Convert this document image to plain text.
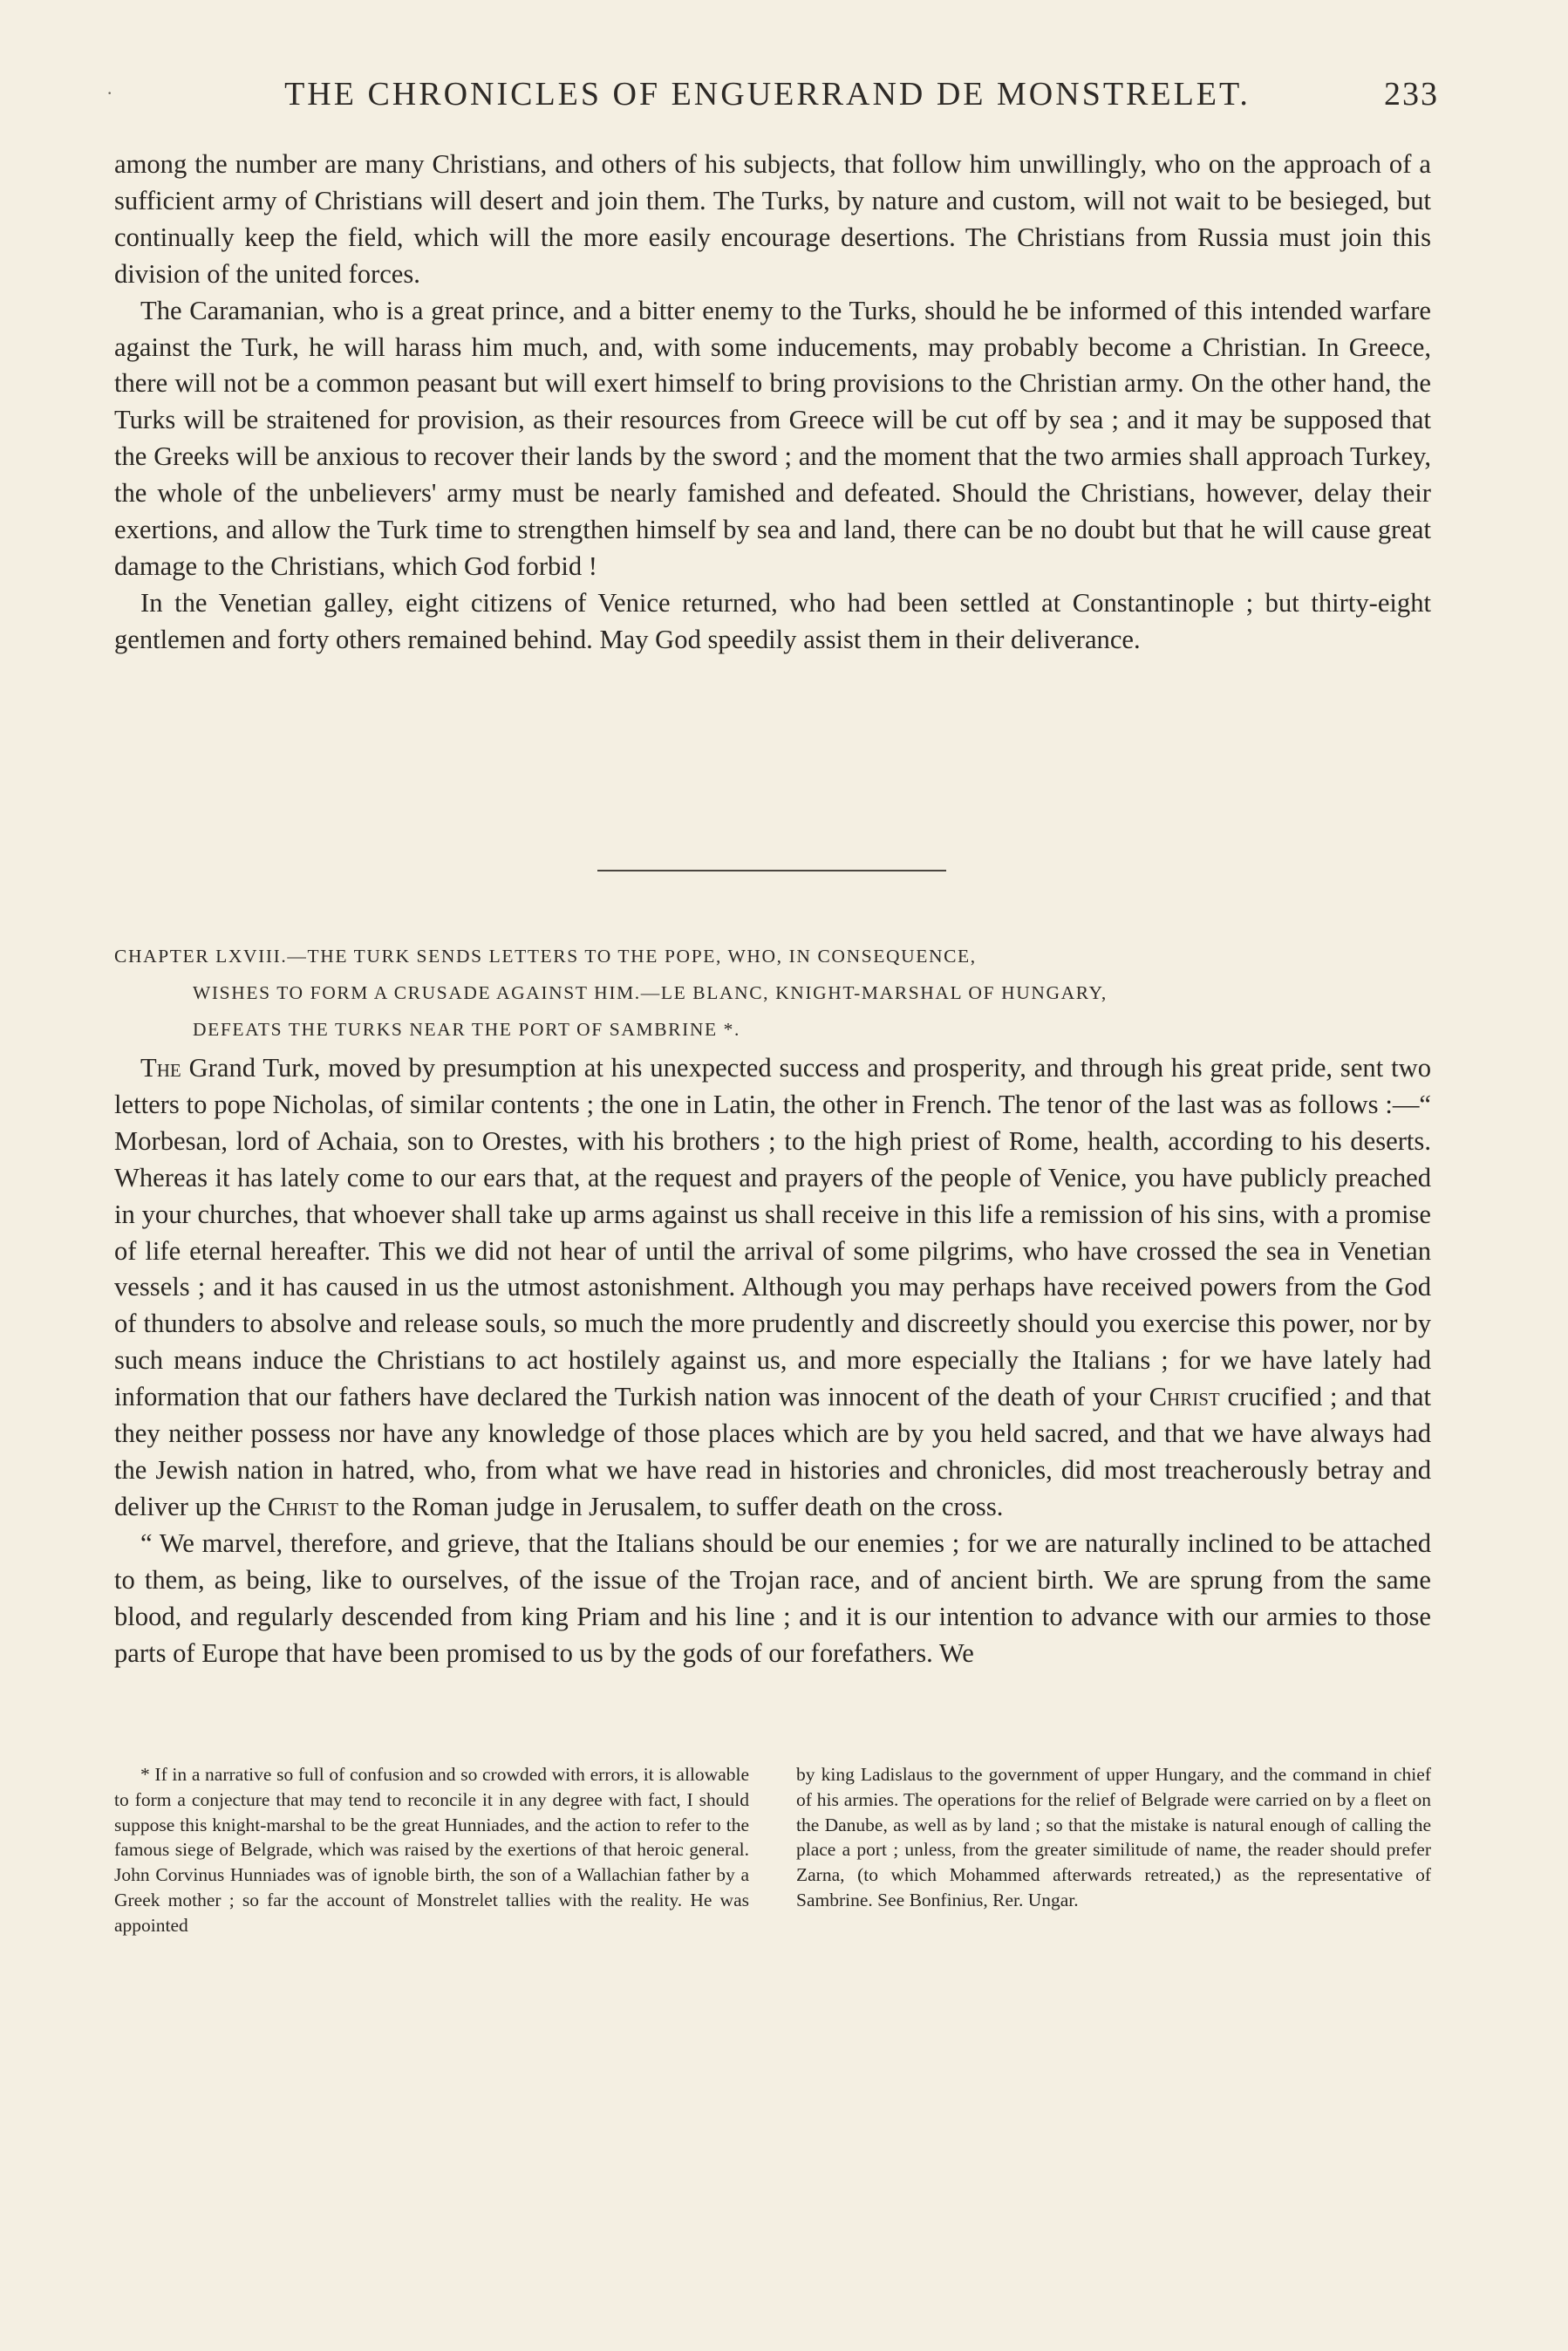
·	THE CHRONICLES OF ENGUERRAND DE MONSTRELET.	233

among the number are many Christians, and others of his subjects, that follow him unwillingly, who on the approach of a sufficient army of Christians will desert and join them. The Turks, by nature and custom, will not wait to be besieged, but continually keep the field, which will the more easily encourage desertions. The Christians from Russia must join this division of the united forces.

The Caramanian, who is a great prince, and a bitter enemy to the Turks, should he be informed of this intended warfare against the Turk, he will harass him much, and, with some inducements, may probably become a Christian. In Greece, there will not be a common peasant but will exert himself to bring provisions to the Christian army. On the other hand, the Turks will be straitened for provision, as their resources from Greece will be cut off by sea ; and it may be supposed that the Greeks will be anxious to recover their lands by the sword ; and the moment that the two armies shall approach Turkey, the whole of the unbelievers' army must be nearly famished and defeated. Should the Christians, however, delay their exertions, and allow the Turk time to strengthen himself by sea and land, there can be no doubt but that he will cause great damage to the Christians, which God forbid !

In the Venetian galley, eight citizens of Venice returned, who had been settled at Constantinople ; but thirty-eight gentlemen and forty others remained behind. May God speedily assist them in their deliverance.

CHAPTER LXVIII.—THE TURK SENDS LETTERS TO THE POPE, WHO, IN CONSEQUENCE,
WISHES TO FORM A CRUSADE AGAINST HIM.—LE BLANC, KNIGHT-MARSHAL OF HUNGARY,
DEFEATS THE TURKS NEAR THE PORT OF SAMBRINE *.

The Grand Turk, moved by presumption at his unexpected success and prosperity, and through his great pride, sent two letters to pope Nicholas, of similar contents ; the one in Latin, the other in French. The tenor of the last was as follows :—“ Morbesan, lord of Achaia, son to Orestes, with his brothers ; to the high priest of Rome, health, according to his deserts. Whereas it has lately come to our ears that, at the request and prayers of the people of Venice, you have publicly preached in your churches, that whoever shall take up arms against us shall receive in this life a remission of his sins, with a promise of life eternal hereafter. This we did not hear of until the arrival of some pilgrims, who have crossed the sea in Venetian vessels ; and it has caused in us the utmost astonishment. Although you may perhaps have received powers from the God of thunders to absolve and release souls, so much the more prudently and discreetly should you exercise this power, nor by such means induce the Christians to act hostilely against us, and more especially the Italians ; for we have lately had information that our fathers have declared the Turkish nation was innocent of the death of your Christ crucified ; and that they neither possess nor have any knowledge of those places which are by you held sacred, and that we have always had the Jewish nation in hatred, who, from what we have read in histories and chronicles, did most treacherously betray and deliver up the Christ to the Roman judge in Jerusalem, to suffer death on the cross.

“ We marvel, therefore, and grieve, that the Italians should be our enemies ; for we are naturally inclined to be attached to them, as being, like to ourselves, of the issue of the Trojan race, and of ancient birth. We are sprung from the same blood, and regularly descended from king Priam and his line ; and it is our intention to advance with our armies to those parts of Europe that have been promised to us by the gods of our forefathers. We

* If in a narrative so full of confusion and so crowded with errors, it is allowable to form a conjecture that may tend to reconcile it in any degree with fact, I should suppose this knight-marshal to be the great Hunniades, and the action to refer to the famous siege of Belgrade, which was raised by the exertions of that heroic general. John Corvinus Hunniades was of ignoble birth, the son of a Wallachian father by a Greek mother ; so far the account of Monstrelet tallies with the reality. He was appointed

by king Ladislaus to the government of upper Hungary, and the command in chief of his armies. The operations for the relief of Belgrade were carried on by a fleet on the Danube, as well as by land ; so that the mistake is natural enough of calling the place a port ; unless, from the greater similitude of name, the reader should prefer Zarna, (to which Mohammed afterwards retreated,) as the representative of Sambrine. See Bonfinius, Rer. Ungar.
